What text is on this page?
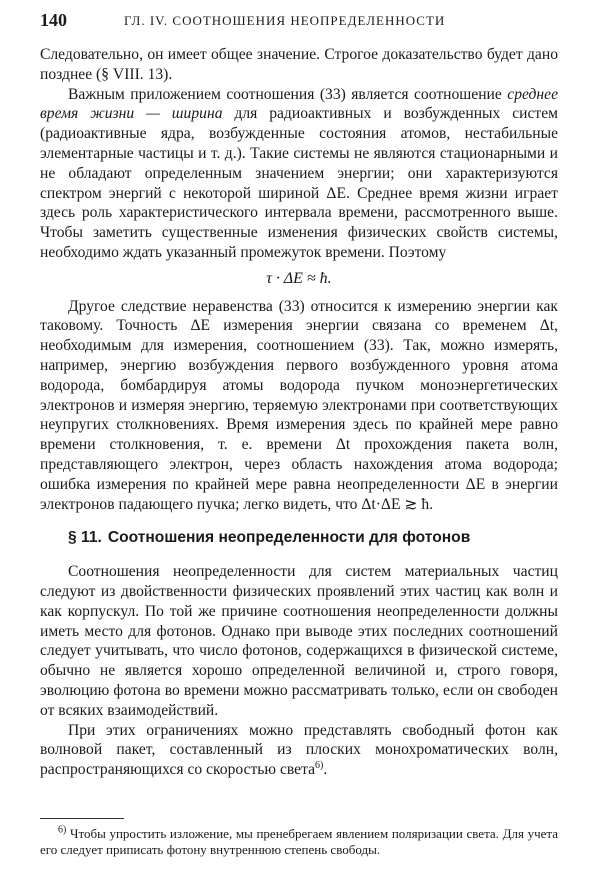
140	ГЛ. IV. СООТНОШЕНИЯ НЕОПРЕДЕЛЕННОСТИ

Следовательно, он имеет общее значение. Строгое доказательство будет дано позднее (§ VIII. 13).

Важным приложением соотношения (33) является соотношение среднее время жизни — ширина для радиоактивных и возбужденных систем (радиоактивные ядра, возбужденные состояния атомов, нестабильные элементарные частицы и т. д.). Такие системы не являются стационарными и не обладают определенным значением энергии; они характеризуются спектром энергий с некоторой шириной ΔE. Среднее время жизни играет здесь роль характеристического интервала времени, рассмотренного выше. Чтобы заметить существенные изменения физических свойств системы, необходимо ждать указанный промежуток времени. Поэтому

τ · ΔE ≈ ħ.

Другое следствие неравенства (33) относится к измерению энергии как таковому. Точность ΔE измерения энергии связана со временем Δt, необходимым для измерения, соотношением (33). Так, можно измерять, например, энергию возбуждения первого возбужденного уровня атома водорода, бомбардируя атомы водорода пучком моноэнергетических электронов и измеряя энергию, теряемую электронами при соответствующих неупругих столкновениях. Время измерения здесь по крайней мере равно времени столкновения, т. е. времени Δt прохождения пакета волн, представляющего электрон, через область нахождения атома водорода; ошибка измерения по крайней мере равна неопределенности ΔE в энергии электронов падающего пучка; легко видеть, что Δt·ΔE ≳ ħ.

§ 11. Соотношения неопределенности для фотонов

Соотношения неопределенности для систем материальных частиц следуют из двойственности физических проявлений этих частиц как волн и как корпускул. По той же причине соотношения неопределенности должны иметь место для фотонов. Однако при выводе этих последних соотношений следует учитывать, что число фотонов, содержащихся в физической системе, обычно не является хорошо определенной величиной и, строго говоря, эволюцию фотона во времени можно рассматривать только, если он свободен от всяких взаимодействий.

При этих ограничениях можно представлять свободный фотон как волновой пакет, составленный из плоских монохроматических волн, распространяющихся со скоростью света$^{6)}$.

$^{6)}$ Чтобы упростить изложение, мы пренебрегаем явлением поляризации света. Для учета его следует приписать фотону внутреннюю степень свободы.
